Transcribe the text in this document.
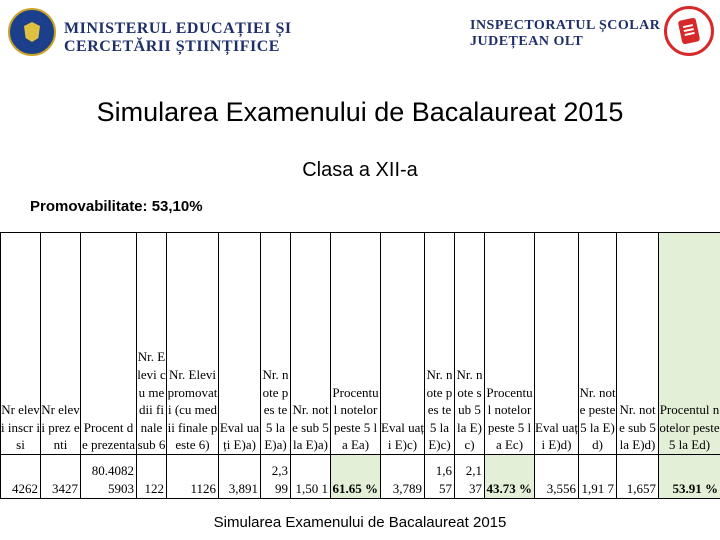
MINISTERUL EDUCAȚIEI ȘI
CERCETĂRII ȘTIINȚIFICE
INSPECTORATUL ȘCOLAR
JUDEȚEAN OLT
Simularea Examenului de Bacalaureat 2015
Clasa a XII-a
Promovabilitate: 53,10%
Nr elevi inscr isi	Nr elevi prez enti	Procent de prezenta	Nr. Elevi cu medii finale sub 6	Nr. Elevi promovati (cu medii finale peste 6)	Eval uați E)a)	Nr. note pes te 5 la E)a)	Nr. note sub 5 la E)a)	Procentul notelor peste 5 la Ea)	Eval uați E)c)	Nr. note pes te 5 la E)c)	Nr. note sub 5 la E)c)	Procentul notelor peste 5 la Ec)	Eval uați E)d)	Nr. note peste 5 la E)d)	Nr. note sub 5 la E)d)	Procentul notelor peste 5 la Ed)
4262	3427	80.4082 5903	122	1126	3,891	2,3 99	1,50 1	61.65 %	3,789	1,6 57	2,1 37	43.73 %	3,556	1,91 7	1,657	53.91 %
Simularea Examenului de Bacalaureat 2015
